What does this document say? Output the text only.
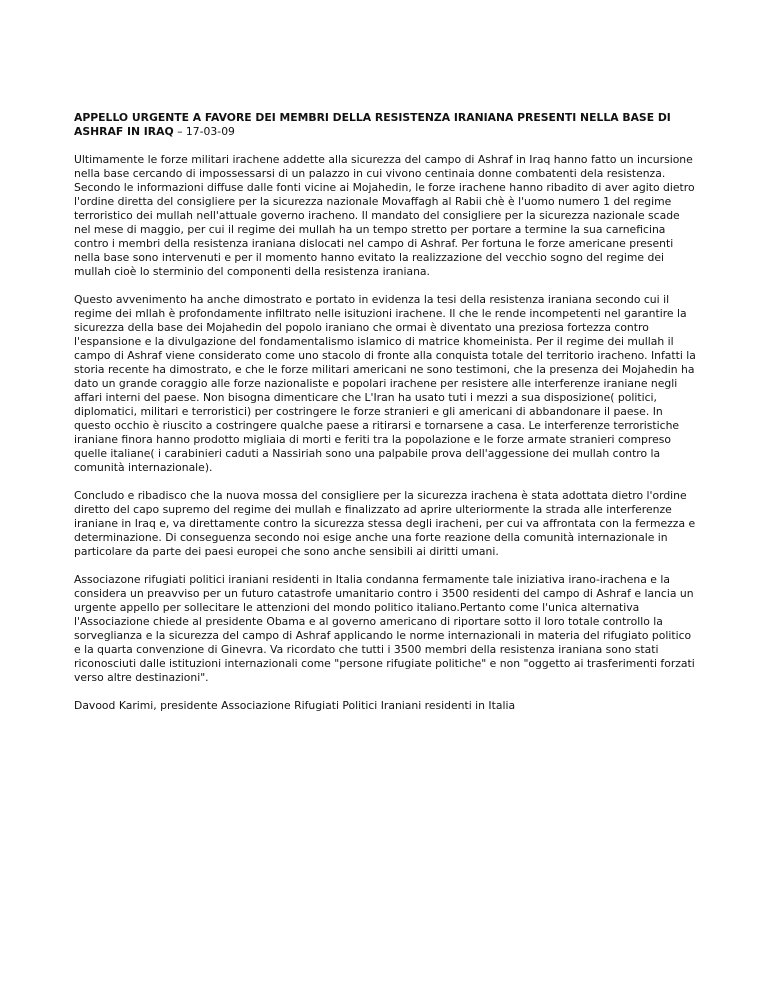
APPELLO URGENTE A FAVORE DEI MEMBRI DELLA RESISTENZA IRANIANA PRESENTI NELLA BASE DI ASHRAF IN IRAQ – 17-03-09

Ultimamente le forze militari irachene addette alla sicurezza del campo di Ashraf in Iraq hanno fatto un incursione nella base cercando di impossessarsi di un palazzo in cui vivono centinaia donne combatenti dela resistenza. Secondo le informazioni diffuse dalle fonti vicine ai Mojahedin, le forze irachene hanno ribadito di aver agito dietro l'ordine diretta del consigliere per la sicurezza nazionale Movaffagh al Rabii chè è l'uomo numero 1 del regime terroristico dei mullah nell'attuale governo iracheno. Il mandato del consigliere per la sicurezza nazionale scade nel mese di maggio, per cui il regime dei mullah ha un tempo stretto per portare a termine la sua carneficina contro i membri della resistenza iraniana dislocati nel campo di Ashraf. Per fortuna le forze americane presenti nella base sono intervenuti e per il momento hanno evitato la realizzazione del vecchio sogno del regime dei mullah cioè lo sterminio del componenti della resistenza iraniana.

Questo avvenimento ha anche dimostrato e portato in evidenza la tesi della resistenza iraniana secondo cui il regime dei mllah è profondamente infiltrato nelle isituzioni irachene. Il che le rende incompetenti nel garantire la sicurezza della base dei Mojahedin del popolo iraniano che ormai è diventato una preziosa fortezza contro l'espansione e la divulgazione del fondamentalismo islamico di matrice khomeinista. Per il regime dei mullah il campo di Ashraf viene considerato come uno stacolo di fronte alla conquista totale del territorio iracheno. Infatti la storia recente ha dimostrato, e che le forze militari americani ne sono testimoni, che la presenza dei Mojahedin ha dato un grande coraggio alle forze nazionaliste e popolari irachene per resistere alle interferenze iraniane negli affari interni del paese. Non bisogna dimenticare che L'Iran ha usato tuti i mezzi a sua disposizione( politici, diplomatici, militari e terroristici) per costringere le forze stranieri e gli americani di abbandonare il paese. In questo occhio è riuscito a costringere qualche paese a ritirarsi e tornarsene a casa. Le interferenze terroristiche iraniane finora hanno prodotto migliaia di morti e feriti tra la popolazione e le forze armate stranieri compreso quelle italiane( i carabinieri caduti a Nassiriah sono una palpabile prova dell'aggessione dei mullah contro la comunità internazionale).

Concludo e ribadisco che la nuova mossa del consigliere per la sicurezza irachena è stata adottata dietro l'ordine diretto del capo supremo del regime dei mullah e finalizzato ad aprire ulteriormente la strada alle interferenze iraniane in Iraq e, va direttamente contro la sicurezza stessa degli iracheni, per cui va affrontata con la fermezza e determinazione. Di conseguenza secondo noi esige anche una forte reazione della comunità internazionale in particolare da parte dei paesi europei che sono anche sensibili ai diritti umani.

Associazone rifugiati politici iraniani residenti in Italia condanna fermamente tale iniziativa irano-irachena e la considera un preavviso per un futuro catastrofe umanitario contro i 3500 residenti del campo di Ashraf e lancia un urgente appello per sollecitare le attenzioni del mondo politico italiano.Pertanto come l'unica alternativa l'Associazione chiede al presidente Obama e al governo americano di riportare sotto il loro totale controllo la sorveglianza e la sicurezza del campo di Ashraf applicando le norme internazionali in materia del rifugiato politico e la quarta convenzione di Ginevra. Va ricordato che tutti i 3500 membri della resistenza iraniana sono stati riconosciuti dalle istituzioni internazionali come "persone rifugiate politiche" e non "oggetto ai trasferimenti forzati verso altre destinazioni".

Davood Karimi, presidente Associazione Rifugiati Politici Iraniani residenti in Italia
